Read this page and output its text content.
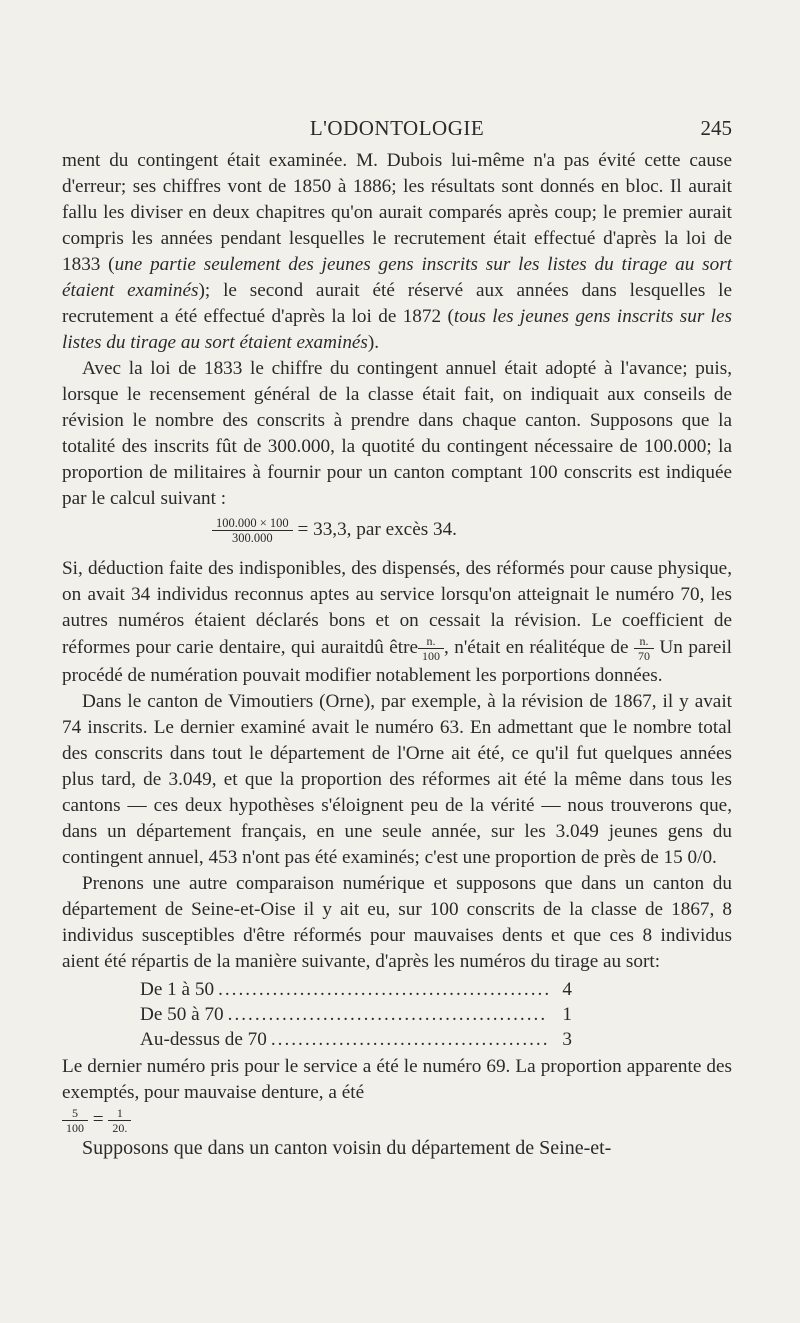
L'ODONTOLOGIE	245

ment du contingent était examinée. M. Dubois lui-même n'a pas évité cette cause d'erreur; ses chiffres vont de 1850 à 1886; les résultats sont donnés en bloc. Il aurait fallu les diviser en deux chapitres qu'on aurait comparés après coup; le premier aurait compris les années pendant lesquelles le recrutement était effectué d'après la loi de 1833 (une partie seulement des jeunes gens inscrits sur les listes du tirage au sort étaient examinés); le second aurait été réservé aux années dans lesquelles le recrutement a été effectué d'après la loi de 1872 (tous les jeunes gens inscrits sur les listes du tirage au sort étaient examinés).

Avec la loi de 1833 le chiffre du contingent annuel était adopté à l'avance; puis, lorsque le recensement général de la classe était fait, on indiquait aux conseils de révision le nombre des conscrits à prendre dans chaque canton. Supposons que la totalité des inscrits fût de 300.000, la quotité du contingent nécessaire de 100.000; la proportion de militaires à fournir pour un canton comptant 100 conscrits est indiquée par le calcul suivant :

$\frac{100.000 \times 100}{300.000} = 33,3$, par excès 34.

Si, déduction faite des indisponibles, des dispensés, des réformés pour cause physique, on avait 34 individus reconnus aptes au service lorsqu'on atteignait le numéro 70, les autres numéros étaient déclarés bons et on cessait la révision. Le coefficient de réformes pour carie dentaire, qui auraitdû être $\frac{n.}{100}$ , n'était en réalitéque de $\frac{n.}{70}$ Un pareil procédé de numération pouvait modifier notablement les porportions données.

Dans le canton de Vimoutiers (Orne), par exemple, à la révision de 1867, il y avait 74 inscrits. Le dernier examiné avait le numéro 63. En admettant que le nombre total des conscrits dans tout le département de l'Orne ait été, ce qu'il fut quelques années plus tard, de 3.049, et que la proportion des réformes ait été la même dans tous les cantons — ces deux hypothèses s'éloignent peu de la vérité — nous trouverons que, dans un département français, en une seule année, sur les 3.049 jeunes gens du contingent annuel, 453 n'ont pas été examinés; c'est une proportion de près de 15 0/0.

Prenons une autre comparaison numérique et supposons que dans un canton du département de Seine-et-Oise il y ait eu, sur 100 conscrits de la classe de 1867, 8 individus susceptibles d'être réformés pour mauvaises dents et que ces 8 individus aient été répartis de la manière suivante, d'après les numéros du tirage au sort:

De 1 à 50 .....	4
De 50 à 70 .....	1
Au-dessus de 70 .....	3

Le dernier numéro pris pour le service a été le numéro 69. La proportion apparente des exemptés, pour mauvaise denture, a été

$\frac{5}{100} = \frac{1}{20.}$

Supposons que dans un canton voisin du département de Seine-et-
